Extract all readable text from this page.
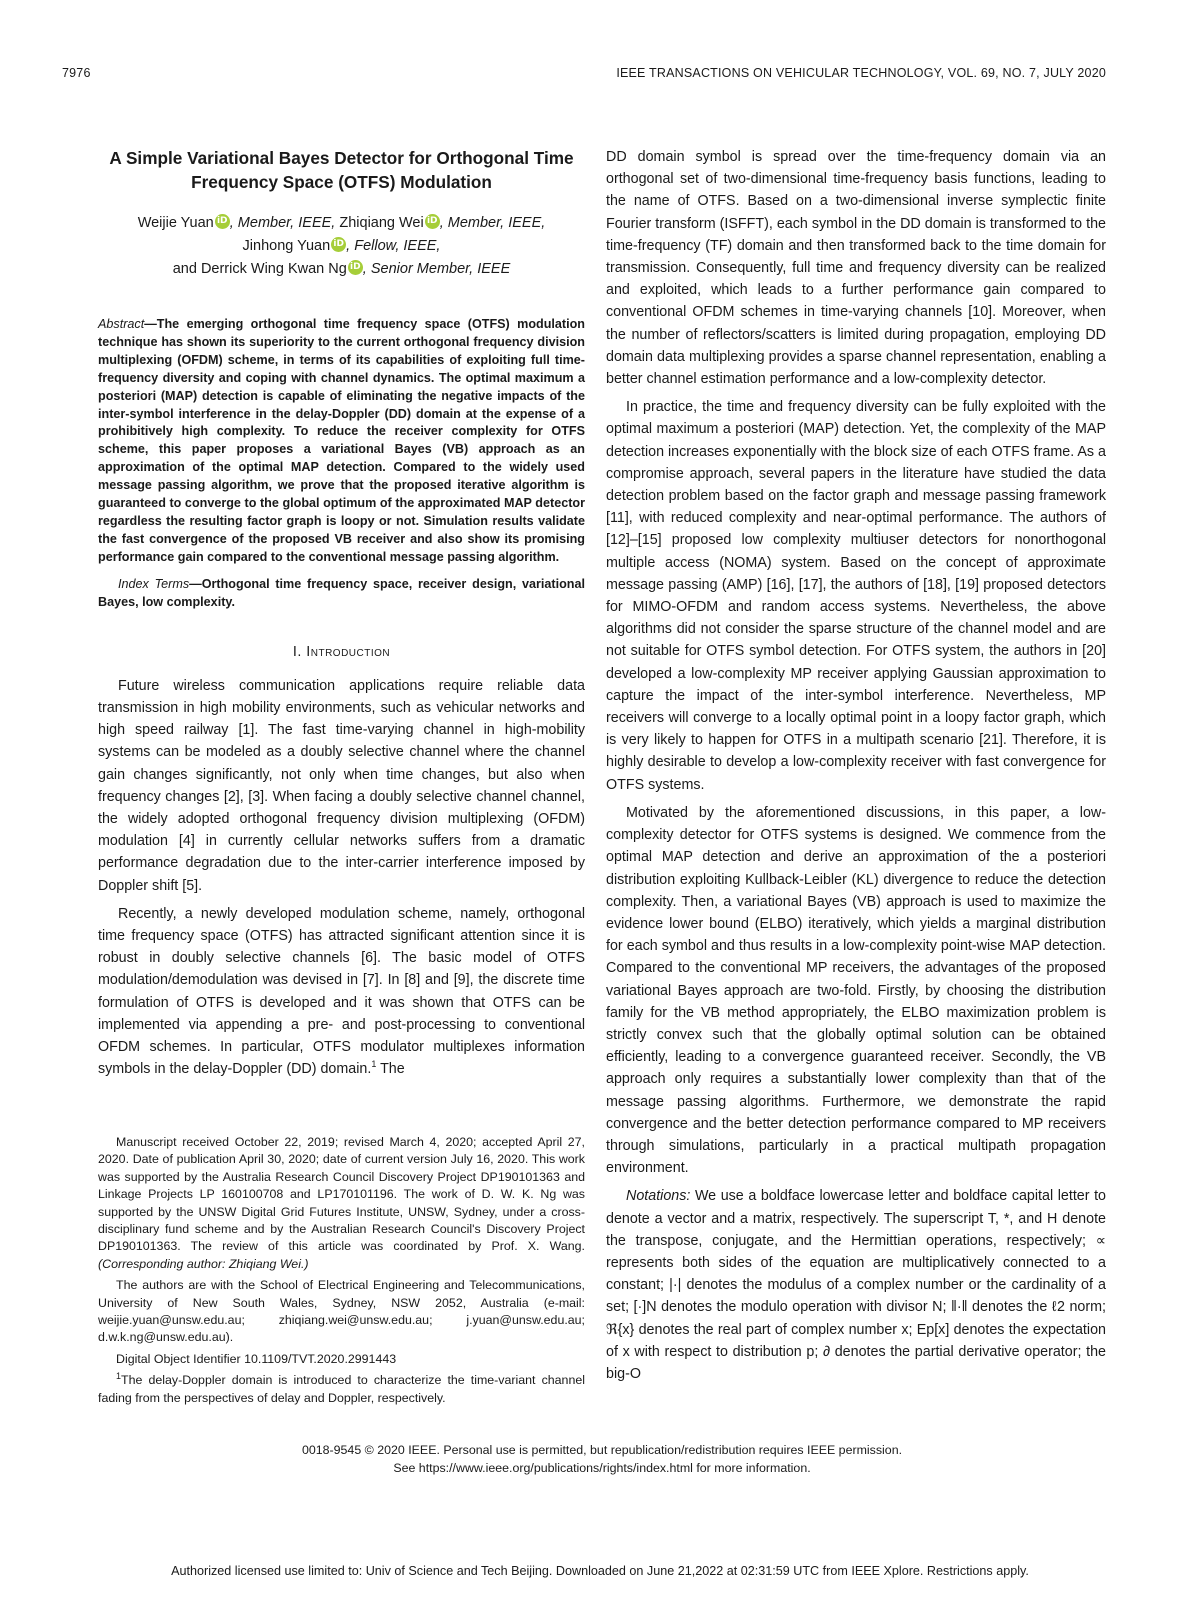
7976	IEEE TRANSACTIONS ON VEHICULAR TECHNOLOGY, VOL. 69, NO. 7, JULY 2020
A Simple Variational Bayes Detector for Orthogonal Time Frequency Space (OTFS) Modulation
Weijie Yuan iD , Member, IEEE, Zhiqiang Wei iD , Member, IEEE,
Jinhong Yuan iD , Fellow, IEEE,
and Derrick Wing Kwan Ng iD , Senior Member, IEEE
Abstract—The emerging orthogonal time frequency space (OTFS) modulation technique has shown its superiority to the current orthogonal frequency division multiplexing (OFDM) scheme, in terms of its capabilities of exploiting full time-frequency diversity and coping with channel dynamics. The optimal maximum a posteriori (MAP) detection is capable of eliminating the negative impacts of the inter-symbol interference in the delay-Doppler (DD) domain at the expense of a prohibitively high complexity. To reduce the receiver complexity for OTFS scheme, this paper proposes a variational Bayes (VB) approach as an approximation of the optimal MAP detection. Compared to the widely used message passing algorithm, we prove that the proposed iterative algorithm is guaranteed to converge to the global optimum of the approximated MAP detector regardless the resulting factor graph is loopy or not. Simulation results validate the fast convergence of the proposed VB receiver and also show its promising performance gain compared to the conventional message passing algorithm.
Index Terms—Orthogonal time frequency space, receiver design, variational Bayes, low complexity.
I. Introduction

Future wireless communication applications require reliable data transmission in high mobility environments, such as vehicular networks and high speed railway [1]. The fast time-varying channel in high-mobility systems can be modeled as a doubly selective channel where the channel gain changes significantly, not only when time changes, but also when frequency changes [2], [3]. When facing a doubly selective channel channel, the widely adopted orthogonal frequency division multiplexing (OFDM) modulation [4] in currently cellular networks suffers from a dramatic performance degradation due to the inter-carrier interference imposed by Doppler shift [5].

Recently, a newly developed modulation scheme, namely, orthogonal time frequency space (OTFS) has attracted significant attention since it is robust in doubly selective channels [6]. The basic model of OTFS modulation/demodulation was devised in [7]. In [8] and [9], the discrete time formulation of OTFS is developed and it was shown that OTFS can be implemented via appending a pre- and post-processing to conventional OFDM schemes. In particular, OTFS modulator multiplexes information symbols in the delay-Doppler (DD) domain.$^1$ The

Manuscript received October 22, 2019; revised March 4, 2020; accepted April 27, 2020. Date of publication April 30, 2020; date of current version July 16, 2020. This work was supported by the Australia Research Council Discovery Project DP190101363 and Linkage Projects LP 160100708 and LP170101196. The work of D. W. K. Ng was supported by the UNSW Digital Grid Futures Institute, UNSW, Sydney, under a cross-disciplinary fund scheme and by the Australian Research Council's Discovery Project DP190101363. The review of this article was coordinated by Prof. X. Wang. (Corresponding author: Zhiqiang Wei.)

The authors are with the School of Electrical Engineering and Telecommunications, University of New South Wales, Sydney, NSW 2052, Australia (e-mail: weijie.yuan@unsw.edu.au; zhiqiang.wei@unsw.edu.au; j.yuan@unsw.edu.au; d.w.k.ng@unsw.edu.au).

Digital Object Identifier 10.1109/TVT.2020.2991443

$^1$The delay-Doppler domain is introduced to characterize the time-variant channel fading from the perspectives of delay and Doppler, respectively.

DD domain symbol is spread over the time-frequency domain via an orthogonal set of two-dimensional time-frequency basis functions, leading to the name of OTFS. Based on a two-dimensional inverse symplectic finite Fourier transform (ISFFT), each symbol in the DD domain is transformed to the time-frequency (TF) domain and then transformed back to the time domain for transmission. Consequently, full time and frequency diversity can be realized and exploited, which leads to a further performance gain compared to conventional OFDM schemes in time-varying channels [10]. Moreover, when the number of reflectors/scatters is limited during propagation, employing DD domain data multiplexing provides a sparse channel representation, enabling a better channel estimation performance and a low-complexity detector.

In practice, the time and frequency diversity can be fully exploited with the optimal maximum a posteriori (MAP) detection. Yet, the complexity of the MAP detection increases exponentially with the block size of each OTFS frame. As a compromise approach, several papers in the literature have studied the data detection problem based on the factor graph and message passing framework [11], with reduced complexity and near-optimal performance. The authors of [12]–[15] proposed low complexity multiuser detectors for nonorthogonal multiple access (NOMA) system. Based on the concept of approximate message passing (AMP) [16], [17], the authors of [18], [19] proposed detectors for MIMO-OFDM and random access systems. Nevertheless, the above algorithms did not consider the sparse structure of the channel model and are not suitable for OTFS symbol detection. For OTFS system, the authors in [20] developed a low-complexity MP receiver applying Gaussian approximation to capture the impact of the inter-symbol interference. Nevertheless, MP receivers will converge to a locally optimal point in a loopy factor graph, which is very likely to happen for OTFS in a multipath scenario [21]. Therefore, it is highly desirable to develop a low-complexity receiver with fast convergence for OTFS systems.

Motivated by the aforementioned discussions, in this paper, a low-complexity detector for OTFS systems is designed. We commence from the optimal MAP detection and derive an approximation of the a posteriori distribution exploiting Kullback-Leibler (KL) divergence to reduce the detection complexity. Then, a variational Bayes (VB) approach is used to maximize the evidence lower bound (ELBO) iteratively, which yields a marginal distribution for each symbol and thus results in a low-complexity point-wise MAP detection. Compared to the conventional MP receivers, the advantages of the proposed variational Bayes approach are two-fold. Firstly, by choosing the distribution family for the VB method appropriately, the ELBO maximization problem is strictly convex such that the globally optimal solution can be obtained efficiently, leading to a convergence guaranteed receiver. Secondly, the VB approach only requires a substantially lower complexity than that of the message passing algorithms. Furthermore, we demonstrate the rapid convergence and the better detection performance compared to MP receivers through simulations, particularly in a practical multipath propagation environment.

Notations: We use a boldface lowercase letter and boldface capital letter to denote a vector and a matrix, respectively. The superscript T, *, and H denote the transpose, conjugate, and the Hermittian operations, respectively; ∝ represents both sides of the equation are multiplicatively connected to a constant; |·| denotes the modulus of a complex number or the cardinality of a set; [·]N denotes the modulo operation with divisor N; ‖·‖ denotes the ℓ2 norm; ℜ{x} denotes the real part of complex number x; Ep[x] denotes the expectation of x with respect to distribution p; ∂ denotes the partial derivative operator; the big-O

0018-9545 © 2020 IEEE. Personal use is permitted, but republication/redistribution requires IEEE permission.
See https://www.ieee.org/publications/rights/index.html for more information.
Authorized licensed use limited to: Univ of Science and Tech Beijing. Downloaded on June 21,2022 at 02:31:59 UTC from IEEE Xplore. Restrictions apply.
